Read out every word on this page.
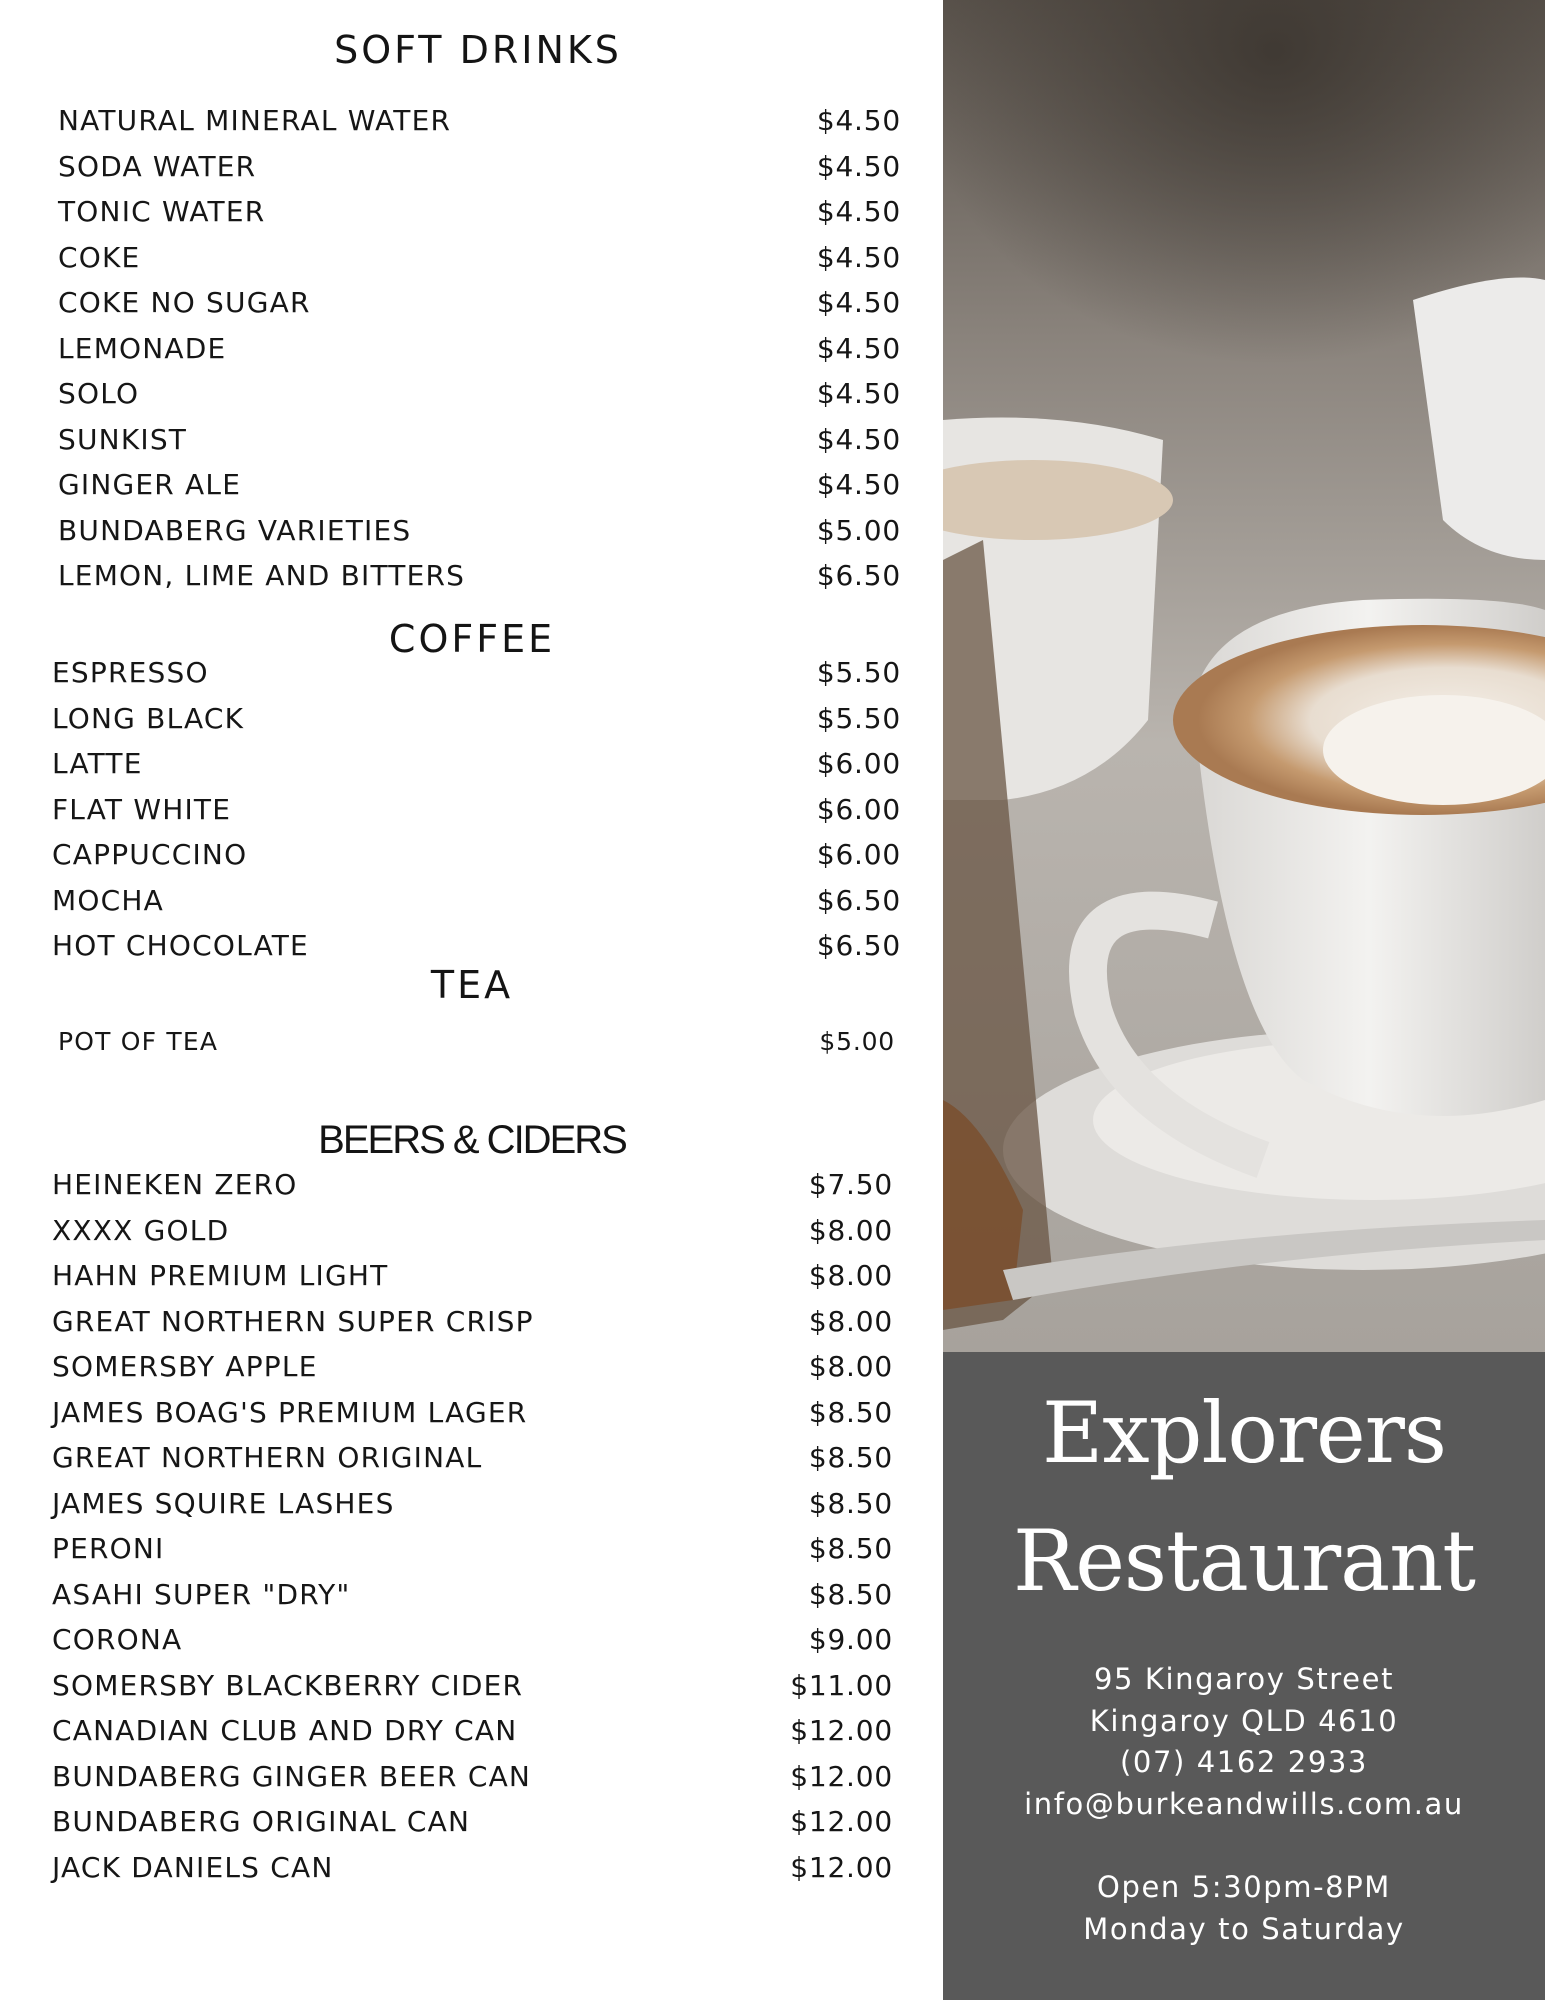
SOFT DRINKS
NATURAL MINERAL WATER	$4.50
SODA WATER	$4.50
TONIC WATER	$4.50
COKE	$4.50
COKE NO SUGAR	$4.50
LEMONADE	$4.50
SOLO	$4.50
SUNKIST	$4.50
GINGER ALE	$4.50
BUNDABERG VARIETIES	$5.00
LEMON, LIME AND BITTERS	$6.50
COFFEE
ESPRESSO	$5.50
LONG BLACK	$5.50
LATTE	$6.00
FLAT WHITE	$6.00
CAPPUCCINO	$6.00
MOCHA	$6.50
HOT CHOCOLATE	$6.50
TEA
POT OF TEA	$5.00
BEERS & CIDERS
HEINEKEN ZERO	$7.50
XXXX GOLD	$8.00
HAHN PREMIUM LIGHT	$8.00
GREAT NORTHERN SUPER CRISP	$8.00
SOMERSBY APPLE	$8.00
JAMES BOAG'S PREMIUM LAGER	$8.50
GREAT NORTHERN ORIGINAL	$8.50
JAMES SQUIRE LASHES	$8.50
PERONI	$8.50
ASAHI SUPER "DRY"	$8.50
CORONA	$9.00
SOMERSBY BLACKBERRY CIDER	$11.00
CANADIAN CLUB AND DRY CAN	$12.00
BUNDABERG GINGER BEER CAN	$12.00
BUNDABERG ORIGINAL CAN	$12.00
JACK DANIELS CAN	$12.00
Explorers
Restaurant
95 Kingaroy Street
Kingaroy QLD 4610
(07) 4162 2933
info@burkeandwills.com.au
Open 5:30pm-8PM
Monday to Saturday
